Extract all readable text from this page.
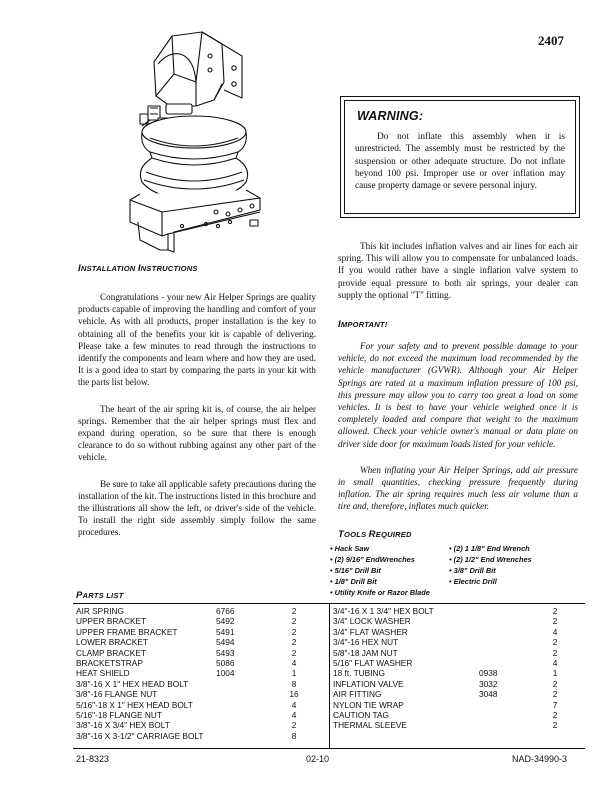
2407
WARNING:

Do not inflate this assembly when it is unrestricted. The assembly must be restricted by the suspension or other adequate structure. Do not inflate beyond 100 psi. Improper use or over inflation may cause property damage or severe personal injury.

INSTALLATION INSTRUCTIONS

Congratulations - your new Air Helper Springs are quality products capable of improving the handling and comfort of your vehicle. As with all products, proper installation is the key to obtaining all of the benefits your kit is capable of delivering. Please take a few minutes to read through the instructions to identify the components and learn where and how they are used. It is a good idea to start by comparing the parts in your kit with the parts list below.

The heart of the air spring kit is, of course, the air helper springs. Remember that the air helper springs must flex and expand during operation, so be sure that there is enough clearance to do so without rubbing against any other part of the vehicle.

Be sure to take all applicable safety precautions during the installation of the kit. The instructions listed in this brochure and the illustrations all show the left, or driver's side of the vehicle. To install the right side assembly simply follow the same procedures.

This kit includes inflation valves and air lines for each air spring. This will allow you to compensate for unbalanced loads. If you would rather have a single inflation valve system to provide equal pressure to both air springs, your dealer can supply the optional "T" fitting.

IMPORTANT!

For your safety and to prevent possible damage to your vehicle, do not exceed the maximum load recommended by the vehicle manufacturer (GVWR). Although your Air Helper Springs are rated at a maximum inflation pressure of 100 psi, this pressure may allow you to carry too great a load on some vehicles. It is best to have your vehicle weighed once it is completely loaded and compare that weight to the maximum allowed. Check your vehicle owner's manual or data plate on driver side door for maximum loads listed for your vehicle.

When inflating your Air Helper Springs, add air pressure in small quantities, checking pressure frequently during inflation. The air spring requires much less air volume than a tire and, therefore, inflates much quicker.

TOOLS REQUIRED
• Hack Saw	• (2) 1 1/8" End Wrench
• (2) 9/16" EndWrenches	• (2) 1/2" End Wrenches
• 5/16" Drill Bit	• 3/8" Drill Bit
• 1/8" Drill Bit	• Electric Drill
• Utility Knife or Razor Blade
PARTS LIST
AIR SPRING	6766	2
UPPER BRACKET	5492	2
UPPER FRAME BRACKET	5491	2
LOWER BRACKET	5494	2
CLAMP BRACKET	5493	2
BRACKETSTRAP	5086	4
HEAT SHIELD	1004	1
3/8"-16 X 1" HEX HEAD BOLT	8
3/8"-16 FLANGE NUT	16
5/16"-18 X 1" HEX HEAD BOLT	4
5/16"-18 FLANGE NUT	4
3/8"-16 X 3/4" HEX BOLT	2
3/8"-16 X 3-1/2" CARRIAGE BOLT	8
3/4"-16 X 1 3/4" HEX BOLT	2
3/4" LOCK WASHER	2
3/4" FLAT WASHER	4
3/4"-16 HEX NUT	2
5/8"-18 JAM NUT	2
5/16" FLAT WASHER	4
18 ft. TUBING	0938	1
INFLATION VALVE	3032	2
AIR FITTING	3048	2
NYLON TIE WRAP	7
CAUTION TAG	2
THERMAL SLEEVE	2
21-8323	02-10	NAD-34990-3
